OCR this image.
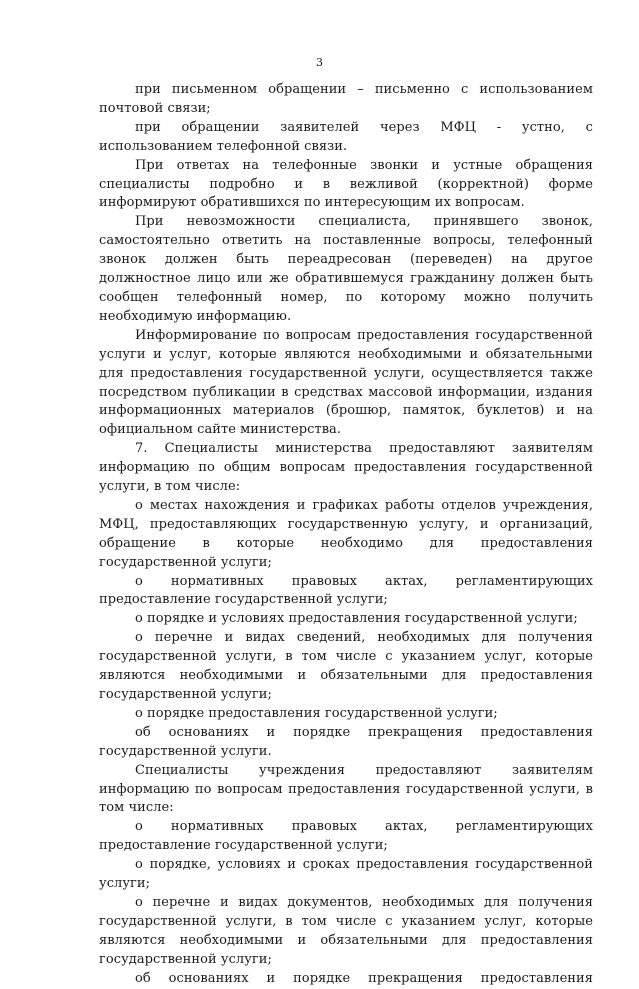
3

при письменном обращении – письменно с использованием почтовой связи;

при обращении заявителей через МФЦ - устно, с использованием телефонной связи.

При ответах на телефонные звонки и устные обращения специалисты подробно и в вежливой (корректной) форме информируют обратившихся по интересующим их вопросам.

При невозможности специалиста, принявшего звонок, самостоятельно ответить на поставленные вопросы, телефонный звонок должен быть переадресован (переведен) на другое должностное лицо или же обратившемуся гражданину должен быть сообщен телефонный номер, по которому можно получить необходимую информацию.

Информирование по вопросам предоставления государственной услуги и услуг, которые являются необходимыми и обязательными для предоставления государственной услуги, осуществляется также посредством публикации в средствах массовой информации, издания информационных материалов (брошюр, памяток, буклетов) и на официальном сайте министерства.

7. Специалисты министерства предоставляют заявителям информацию по общим вопросам предоставления государственной услуги, в том числе:

о местах нахождения и графиках работы отделов учреждения, МФЦ, предоставляющих государственную услугу, и организаций, обращение в которые необходимо для предоставления государственной услуги;

о нормативных правовых актах, регламентирующих предоставление государственной услуги;

о порядке и условиях предоставления государственной услуги;

о перечне и видах сведений, необходимых для получения государственной услуги, в том числе с указанием услуг, которые являются необходимыми и обязательными для предоставления государственной услуги;

о порядке предоставления государственной услуги;

об основаниях и порядке прекращения предоставления государственной услуги.

Специалисты учреждения предоставляют заявителям информацию по вопросам предоставления государственной услуги, в том числе:

о нормативных правовых актах, регламентирующих предоставление государственной услуги;

о порядке, условиях и сроках предоставления государственной услуги;

о перечне и видах документов, необходимых для получения государственной услуги, в том числе с указанием услуг, которые являются необходимыми и обязательными для предоставления государственной услуги;

об основаниях и порядке прекращения предоставления
